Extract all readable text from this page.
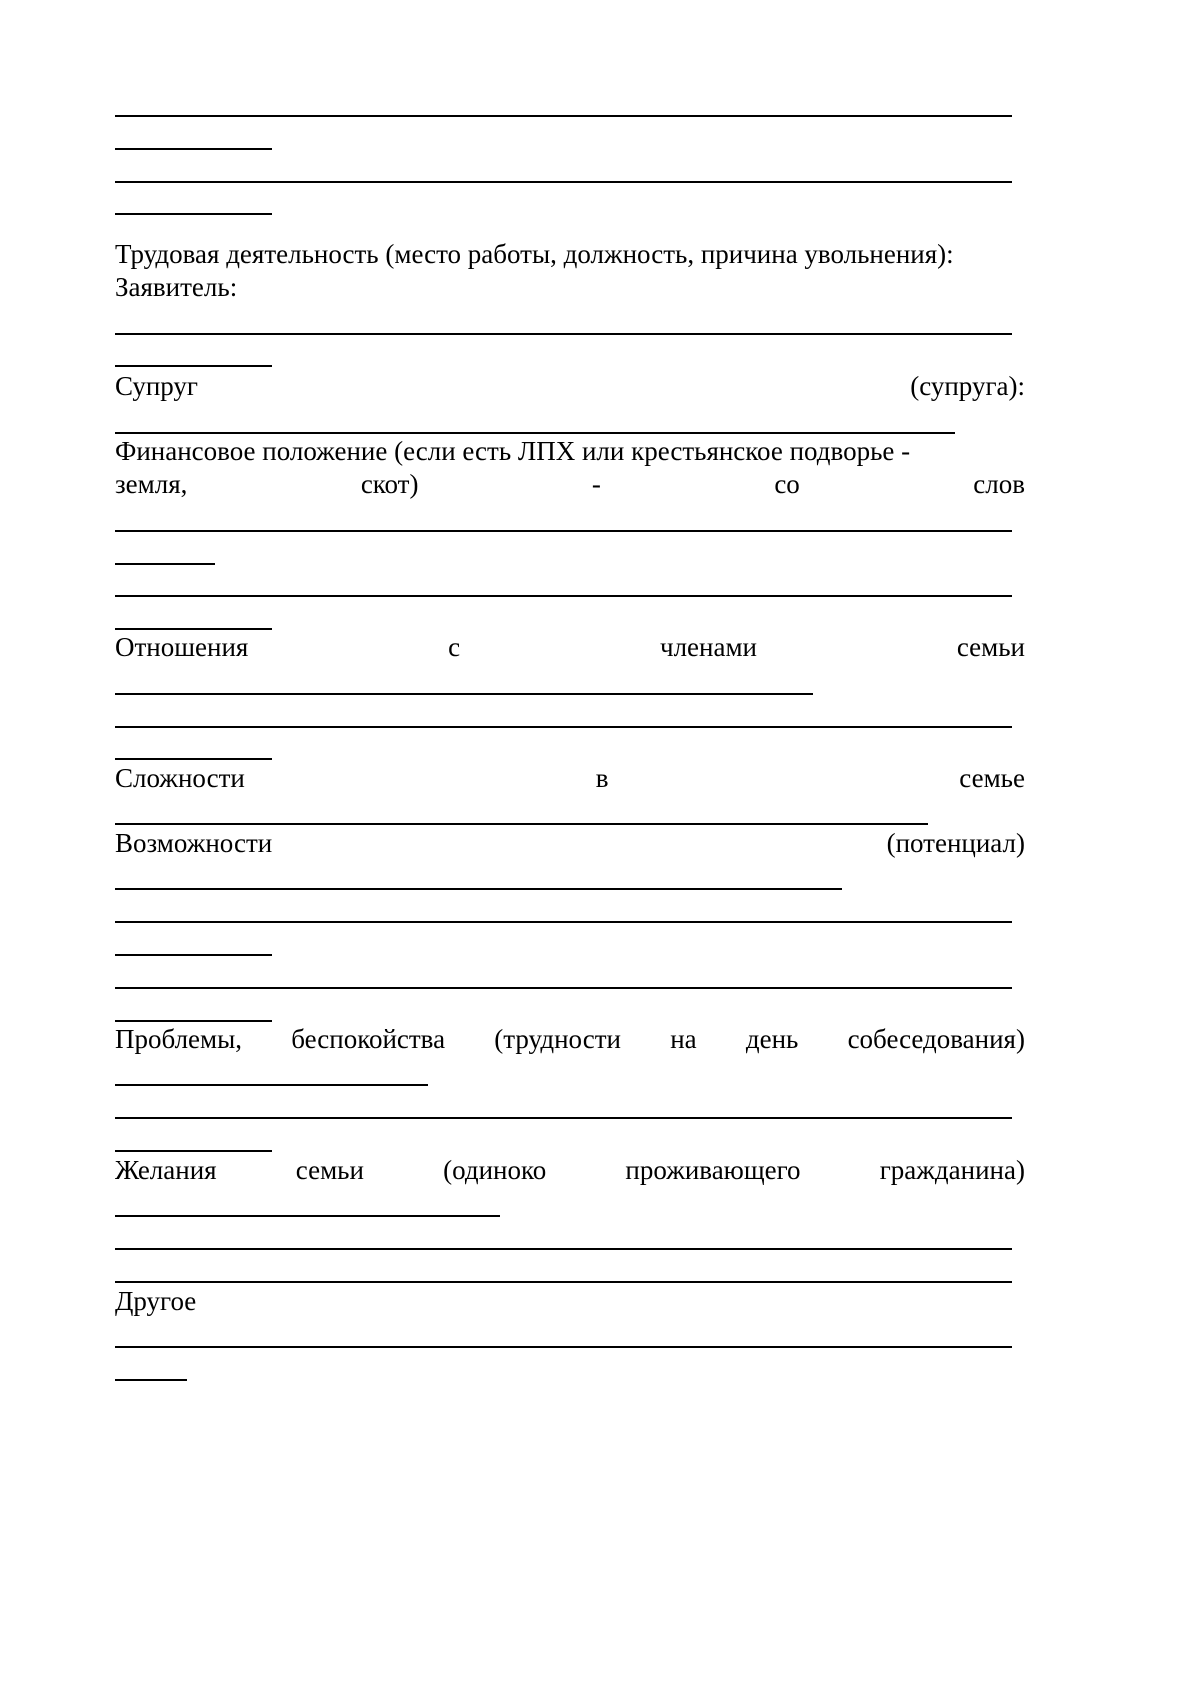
Трудовая деятельность (место работы, должность, причина увольнения):
Заявитель:
Супруг	(супруга):
Финансовое положение (если есть ЛПХ или крестьянское подворье -
земля,	скот)	-	со	слов
Отношения	с	членами	семьи
Сложности	в	семье
Возможности	(потенциал)
Проблемы, беспокойства (трудности на день собеседования)
Желания	семьи	(одиноко	проживающего	гражданина)
Другое
